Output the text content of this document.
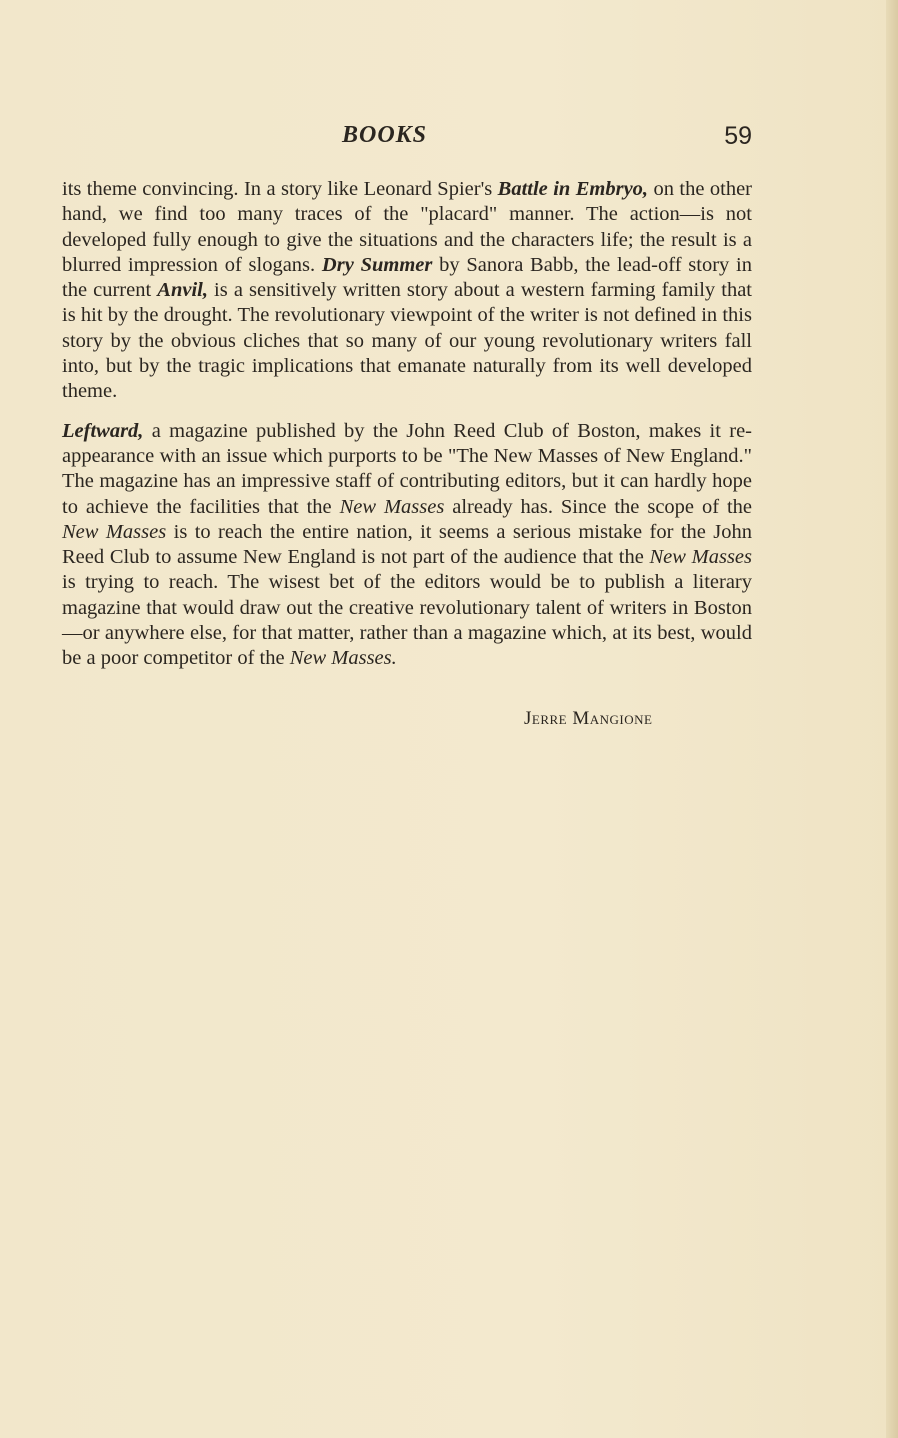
BOOKS	59

its theme convincing. In a story like Leonard Spier's Battle in Embryo, on the other hand, we find too many traces of the "placard" manner. The action—is not developed fully enough to give the situations and the characters life; the result is a blurred impression of slogans. Dry Summer by Sanora Babb, the lead-off story in the current Anvil, is a sensitively written story about a western farming family that is hit by the drought. The revolutionary viewpoint of the writer is not defined in this story by the obvious cliches that so many of our young revolutionary writers fall into, but by the tragic implications that emanate naturally from its well developed theme.

Leftward, a magazine published by the John Reed Club of Boston, makes it re-appearance with an issue which purports to be "The New Masses of New England." The magazine has an impressive staff of contributing editors, but it can hardly hope to achieve the facilities that the New Masses already has. Since the scope of the New Masses is to reach the entire nation, it seems a serious mistake for the John Reed Club to assume New England is not part of the audience that the New Masses is trying to reach. The wisest bet of the editors would be to publish a literary magazine that would draw out the creative revolutionary talent of writers in Boston—or anywhere else, for that matter, rather than a magazine which, at its best, would be a poor competitor of the New Masses.

Jerre Mangione
